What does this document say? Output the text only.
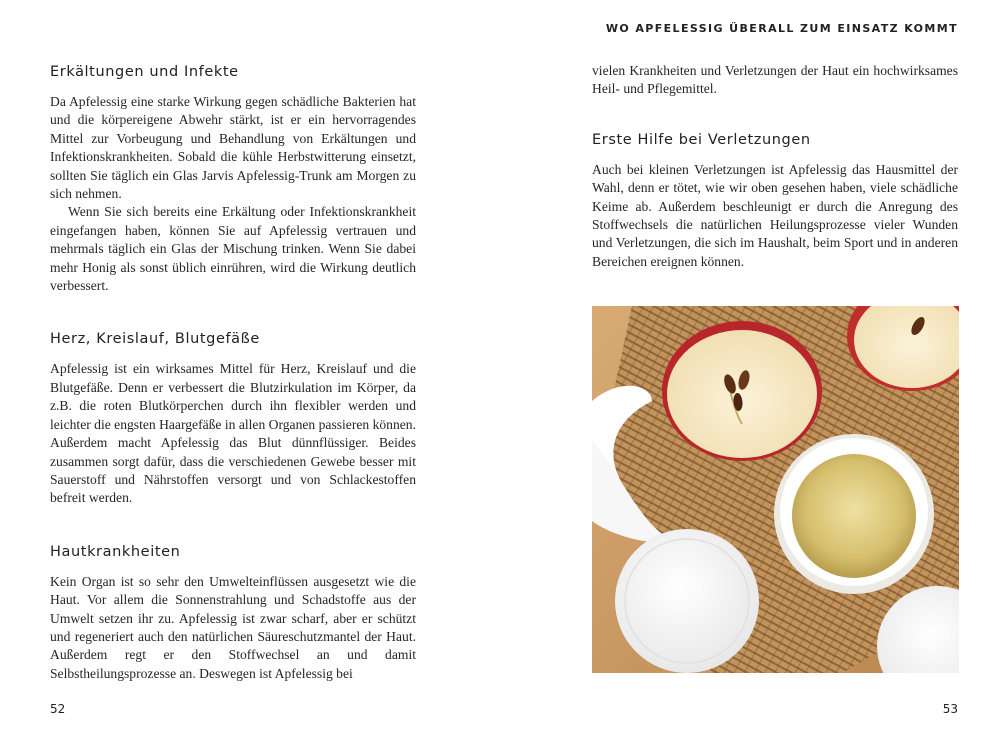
WO APFELESSIG ÜBERALL ZUM EINSATZ KOMMT
Erkältungen und Infekte

Da Apfelessig eine starke Wirkung gegen schädliche Bakterien hat und die körpereigene Abwehr stärkt, ist er ein hervorragendes Mittel zur Vorbeugung und Behandlung von Erkältungen und Infektionskrankheiten. Sobald die kühle Herbstwitterung einsetzt, sollten Sie täglich ein Glas Jarvis Apfelessig-Trunk am Morgen zu sich nehmen.

Wenn Sie sich bereits eine Erkältung oder Infektionskrankheit eingefangen haben, können Sie auf Apfelessig vertrauen und mehrmals täglich ein Glas der Mischung trinken. Wenn Sie dabei mehr Honig als sonst üblich einrühren, wird die Wirkung deutlich verbessert.

Herz, Kreislauf, Blutgefäße

Apfelessig ist ein wirksames Mittel für Herz, Kreislauf und die Blutgefäße. Denn er verbessert die Blutzirkulation im Körper, da z.B. die roten Blutkörperchen durch ihn flexibler werden und leichter die engsten Haargefäße in allen Organen passieren können. Außerdem macht Apfelessig das Blut dünnflüssiger. Beides zusammen sorgt dafür, dass die verschiedenen Gewebe besser mit Sauerstoff und Nährstoffen versorgt und von Schlackestoffen befreit werden.

Hautkrankheiten

Kein Organ ist so sehr den Umwelteinflüssen ausgesetzt wie die Haut. Vor allem die Sonnenstrahlung und Schadstoffe aus der Umwelt setzen ihr zu. Apfelessig ist zwar scharf, aber er schützt und regeneriert auch den natürlichen Säureschutzmantel der Haut. Außerdem regt er den Stoffwechsel an und damit Selbstheilungsprozesse an. Deswegen ist Apfelessig bei

52

vielen Krankheiten und Verletzungen der Haut ein hochwirksames Heil- und Pflegemittel.

Erste Hilfe bei Verletzungen

Auch bei kleinen Verletzungen ist Apfelessig das Hausmittel der Wahl, denn er tötet, wie wir oben gesehen haben, viele schädliche Keime ab. Außerdem beschleunigt er durch die Anregung des Stoffwechsels die natürlichen Heilungsprozesse vieler Wunden und Verletzungen, die sich im Haushalt, beim Sport und in anderen Bereichen ereignen können.

53
